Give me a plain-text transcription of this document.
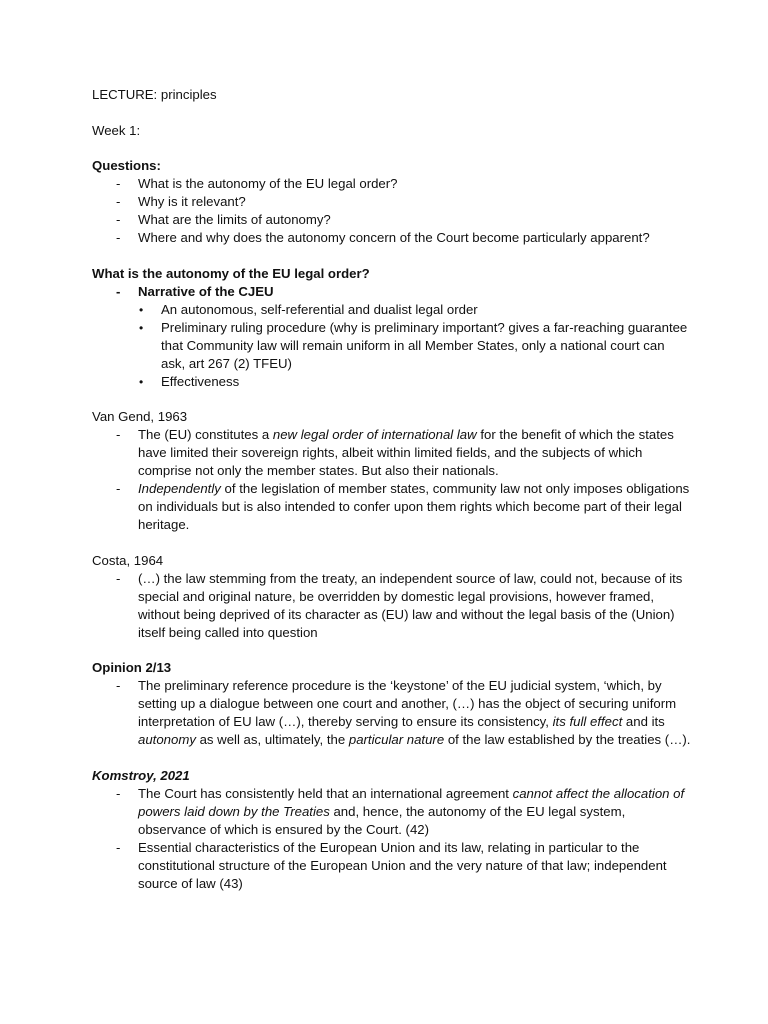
LECTURE: principles

Week 1:

Questions:

- What is the autonomy of the EU legal order?

- Why is it relevant?

- What are the limits of autonomy?

- Where and why does the autonomy concern of the Court become particularly apparent?

What is the autonomy of the EU legal order?

- Narrative of the CJEU

• An autonomous, self-referential and dualist legal order

• Preliminary ruling procedure (why is preliminary important? gives a far-reaching guarantee that Community law will remain uniform in all Member States, only a national court can ask, art 267 (2) TFEU)

• Effectiveness

Van Gend, 1963

- The (EU) constitutes a new legal order of international law for the benefit of which the states have limited their sovereign rights, albeit within limited fields, and the subjects of which comprise not only the member states. But also their nationals.

- Independently of the legislation of member states, community law not only imposes obligations on individuals but is also intended to confer upon them rights which become part of their legal heritage.

Costa, 1964

- (…) the law stemming from the treaty, an independent source of law, could not, because of its special and original nature, be overridden by domestic legal provisions, however framed, without being deprived of its character as (EU) law and without the legal basis of the (Union) itself being called into question

Opinion 2/13

- The preliminary reference procedure is the ‘keystone’ of the EU judicial system, ‘which, by setting up a dialogue between one court and another, (…) has the object of securing uniform interpretation of EU law (…), thereby serving to ensure its consistency, its full effect and its autonomy as well as, ultimately, the particular nature of the law established by the treaties (…).

Komstroy, 2021

- The Court has consistently held that an international agreement cannot affect the allocation of powers laid down by the Treaties and, hence, the autonomy of the EU legal system, observance of which is ensured by the Court. (42)

- Essential characteristics of the European Union and its law, relating in particular to the constitutional structure of the European Union and the very nature of that law; independent source of law (43)
